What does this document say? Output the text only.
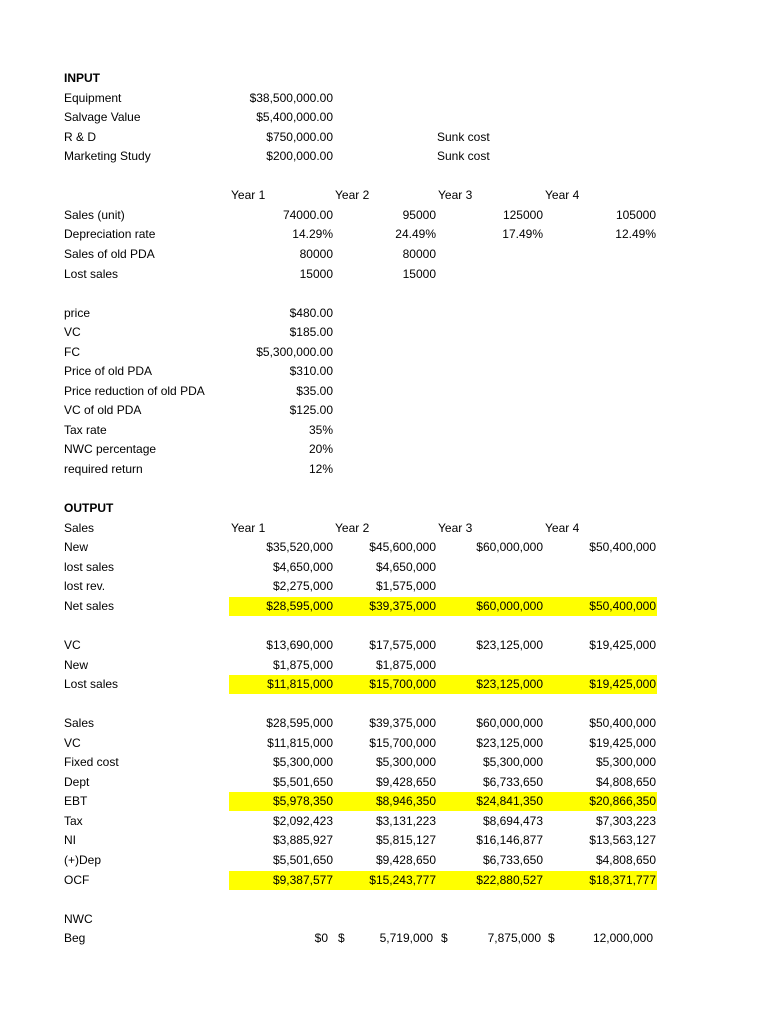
INPUT
Equipment	$38,500,000.00
Salvage Value	$5,400,000.00
R & D	$750,000.00	Sunk cost
Marketing Study	$200,000.00	Sunk cost
Year 1	Year 2	Year 3	Year 4
Sales (unit)	74000.00	95000	125000	105000
Depreciation rate	14.29%	24.49%	17.49%	12.49%
Sales of old PDA	80000	80000
Lost sales	15000	15000
price	$480.00
VC	$185.00
FC	$5,300,000.00
Price of old PDA	$310.00
Price reduction of old PDA	$35.00
VC of old PDA	$125.00
Tax rate	35%
NWC percentage	20%
required return	12%
OUTPUT
Sales	Year 1	Year 2	Year 3	Year 4
New	$35,520,000	$45,600,000	$60,000,000	$50,400,000
lost sales	$4,650,000	$4,650,000
lost rev.	$2,275,000	$1,575,000
Net sales	$28,595,000	$39,375,000	$60,000,000	$50,400,000
VC	$13,690,000	$17,575,000	$23,125,000	$19,425,000
New	$1,875,000	$1,875,000
Lost sales	$11,815,000	$15,700,000	$23,125,000	$19,425,000
Sales	$28,595,000	$39,375,000	$60,000,000	$50,400,000
VC	$11,815,000	$15,700,000	$23,125,000	$19,425,000
Fixed cost	$5,300,000	$5,300,000	$5,300,000	$5,300,000
Dept	$5,501,650	$9,428,650	$6,733,650	$4,808,650
EBT	$5,978,350	$8,946,350	$24,841,350	$20,866,350
Tax	$2,092,423	$3,131,223	$8,694,473	$7,303,223
NI	$3,885,927	$5,815,127	$16,146,877	$13,563,127
(+)Dep	$5,501,650	$9,428,650	$6,733,650	$4,808,650
OCF	$9,387,577	$15,243,777	$22,880,527	$18,371,777
NWC
Beg	$0 $	5,719,000 $	7,875,000 $	12,000,000
